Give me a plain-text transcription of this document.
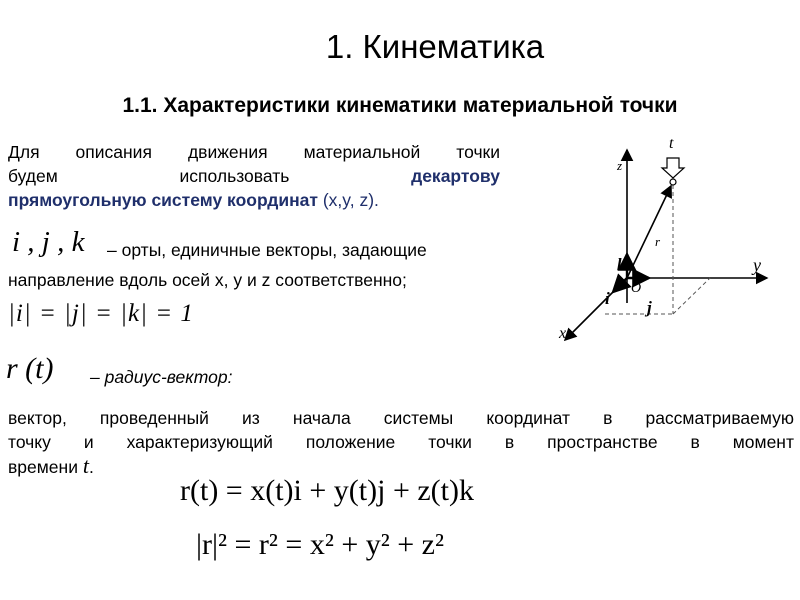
1. Кинематика
1.1. Характеристики кинематики материальной точки
Для описания движения материальной точки
будем	использовать	декартову
прямоугольную систему координат (x,y, z).
i , j , k – орты, единичные векторы, задающие
направление вдоль осей x, y и z соответственно;
|i| = |j| = |k| = 1
r (t) – радиус-вектор:
вектор, проведенный из начала системы координат в рассматриваемую
точку и характеризующий положение точки в пространстве в момент
времени t.
r(t) = x(t)i + y(t)j + z(t)k
|r|² = r² = x² + y² + z²
z
y
x
t
r
k
j
i
O
